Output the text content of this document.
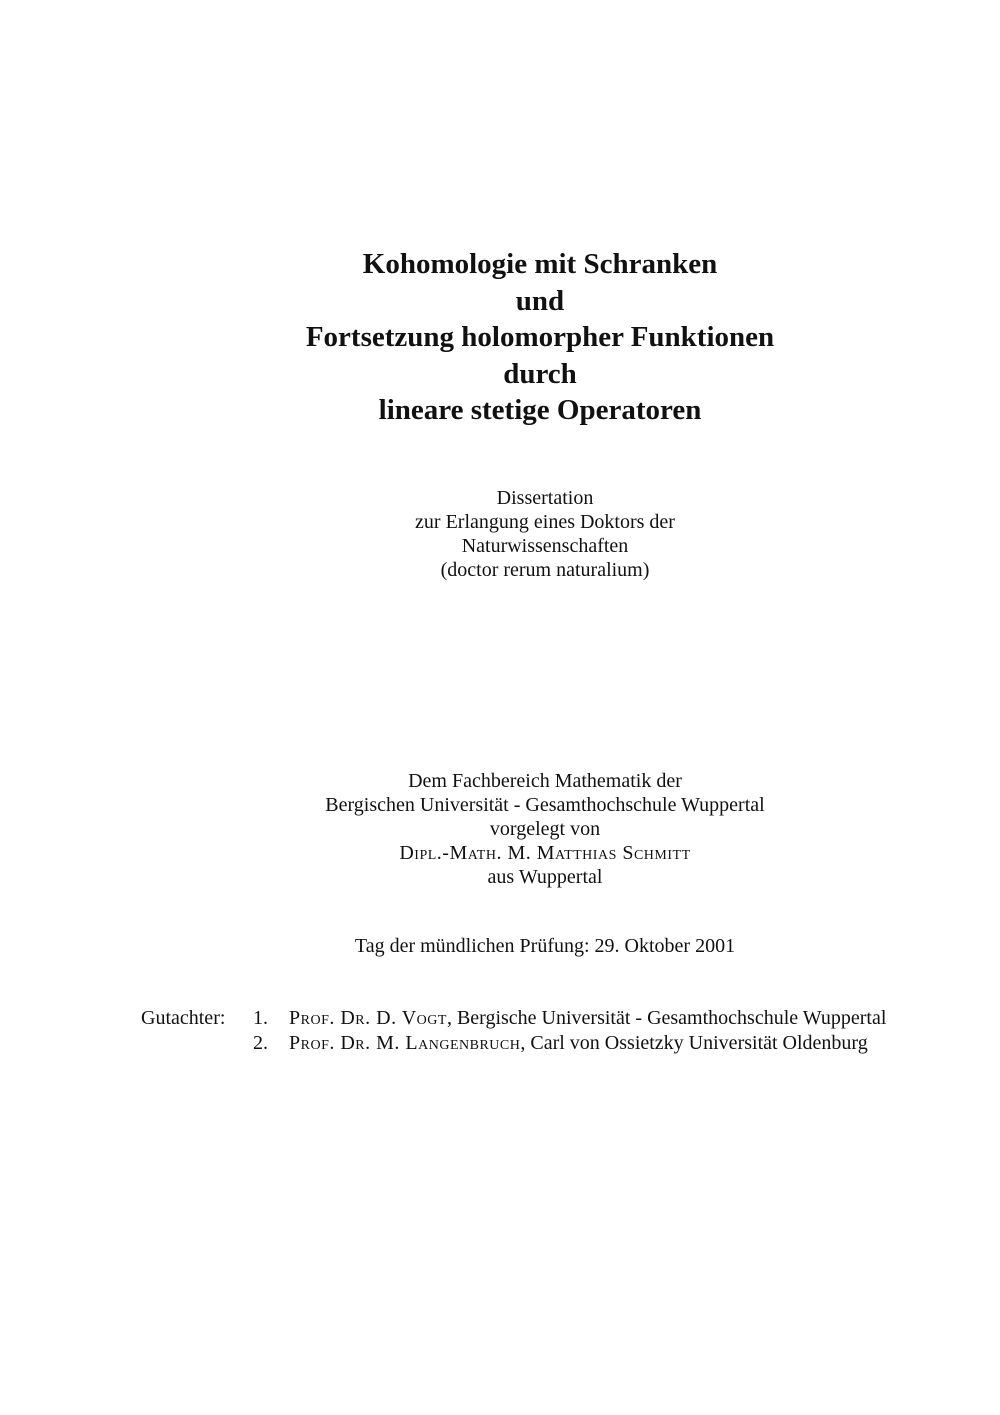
Kohomologie mit Schranken
und
Fortsetzung holomorpher Funktionen
durch
lineare stetige Operatoren
Dissertation
zur Erlangung eines Doktors der
Naturwissenschaften
(doctor rerum naturalium)
Dem Fachbereich Mathematik der
Bergischen Universität - Gesamthochschule Wuppertal
vorgelegt von
Dipl.-Math. M. Matthias Schmitt
aus Wuppertal
Tag der mündlichen Prüfung: 29. Oktober 2001
Gutachter: 1. Prof. Dr. D. Vogt, Bergische Universität - Gesamthochschule Wuppertal
2. Prof. Dr. M. Langenbruch, Carl von Ossietzky Universität Oldenburg
